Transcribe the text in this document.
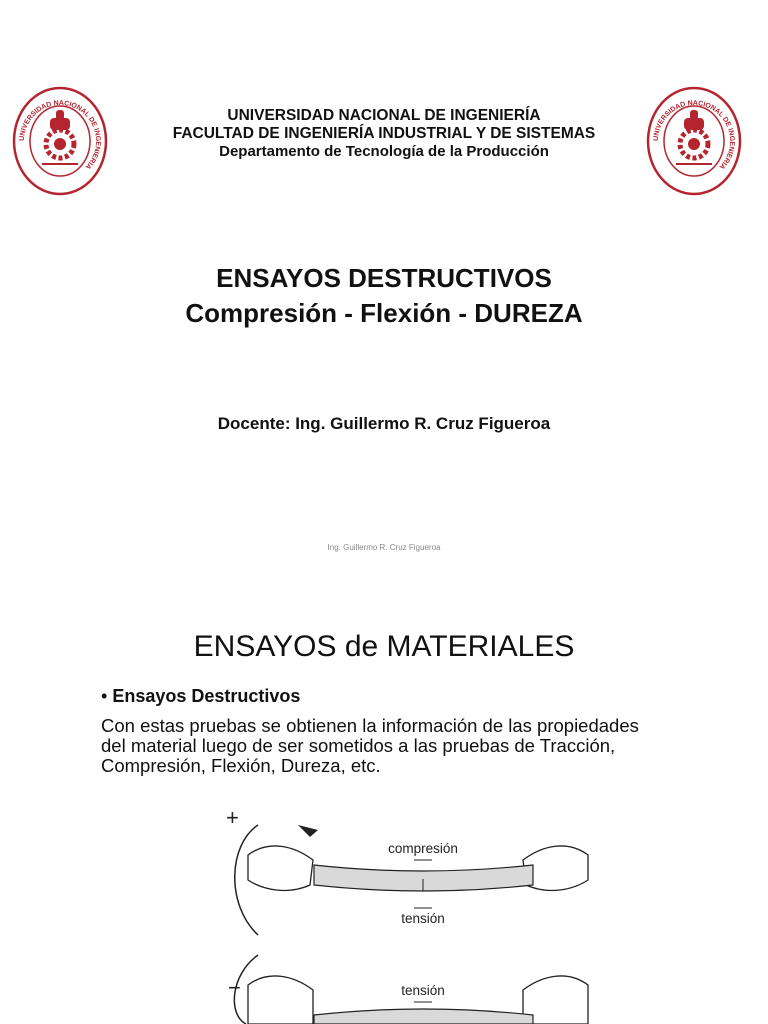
UNIVERSIDAD NACIONAL DE INGENIERIA
UNIVERSIDAD NACIONAL DE INGENIERIA
UNIVERSIDAD NACIONAL DE INGENIERÍA
FACULTAD DE INGENIERÍA INDUSTRIAL Y DE SISTEMAS
Departamento de Tecnología de la Producción
ENSAYOS DESTRUCTIVOS
Compresión - Flexión - DUREZA
Docente: Ing. Guillermo R. Cruz Figueroa
Ing. Guillermo R. Cruz Figueroa
ENSAYOS de MATERIALES
• Ensayos Destructivos
Con estas pruebas se obtienen la información de las propiedades
del material luego de ser sometidos a las pruebas de Tracción,
Compresión, Flexión, Dureza, etc.
+
compresión
tensión
−	tensión
